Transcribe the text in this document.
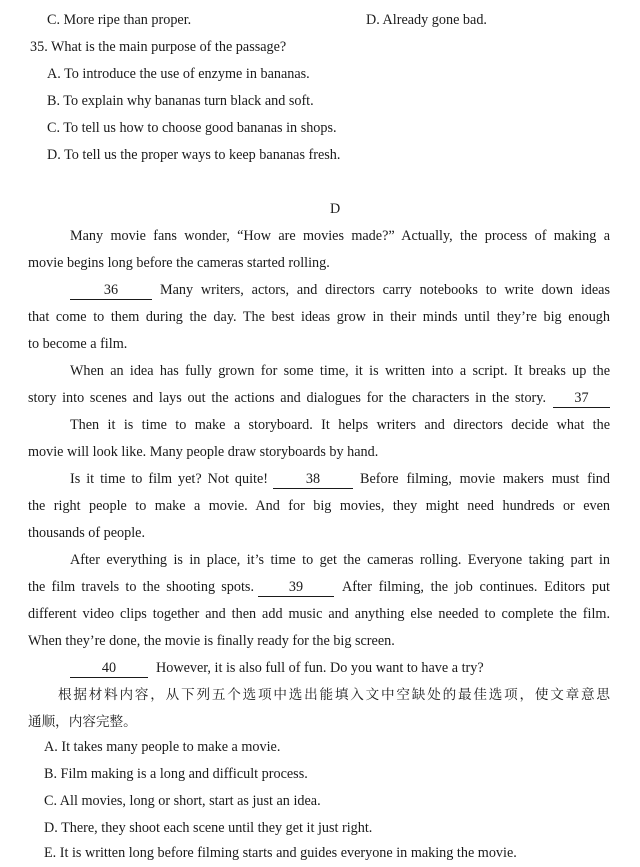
C. More ripe than proper.	D. Already gone bad.
35. What is the main purpose of the passage?
A. To introduce the use of enzyme in bananas.
B. To explain why bananas turn black and soft.
C. To tell us how to choose good bananas in shops.
D. To tell us the proper ways to keep bananas fresh.
D
Many movie fans wonder, “How are movies made?” Actually, the process of making a
movie begins long before the cameras started rolling.
36	Many writers, actors, and directors carry notebooks to write down ideas
that come to them during the day. The best ideas grow in their minds until they’re big enough
to become a film.
When an idea has fully grown for some time, it is written into a script. It breaks up the
story into scenes and lays out the actions and dialogues for the characters in the story.	37
Then it is time to make a storyboard. It helps writers and directors decide what the
movie will look like. Many people draw storyboards by hand.
Is it time to film yet? Not quite!	38	Before filming, movie makers must find
the right people to make a movie. And for big movies, they might need hundreds or even
thousands of people.
After everything is in place, it’s time to get the cameras rolling. Everyone taking part in
the film travels to the shooting spots.	39	After filming, the job continues. Editors put
different video clips together and then add music and anything else needed to complete the film.
When they’re done, the movie is finally ready for the big screen.
40	However, it is also full of fun. Do you want to have a try?
根据材料内容，从下列五个选项中选出能填入文中空缺处的最佳选项，使文章意思
通顺，内容完整。
A. It takes many people to make a movie.
B. Film making is a long and difficult process.
C. All movies, long or short, start as just an idea.
D. There, they shoot each scene until they get it just right.
E. It is written long before filming starts and guides everyone in making the movie.
